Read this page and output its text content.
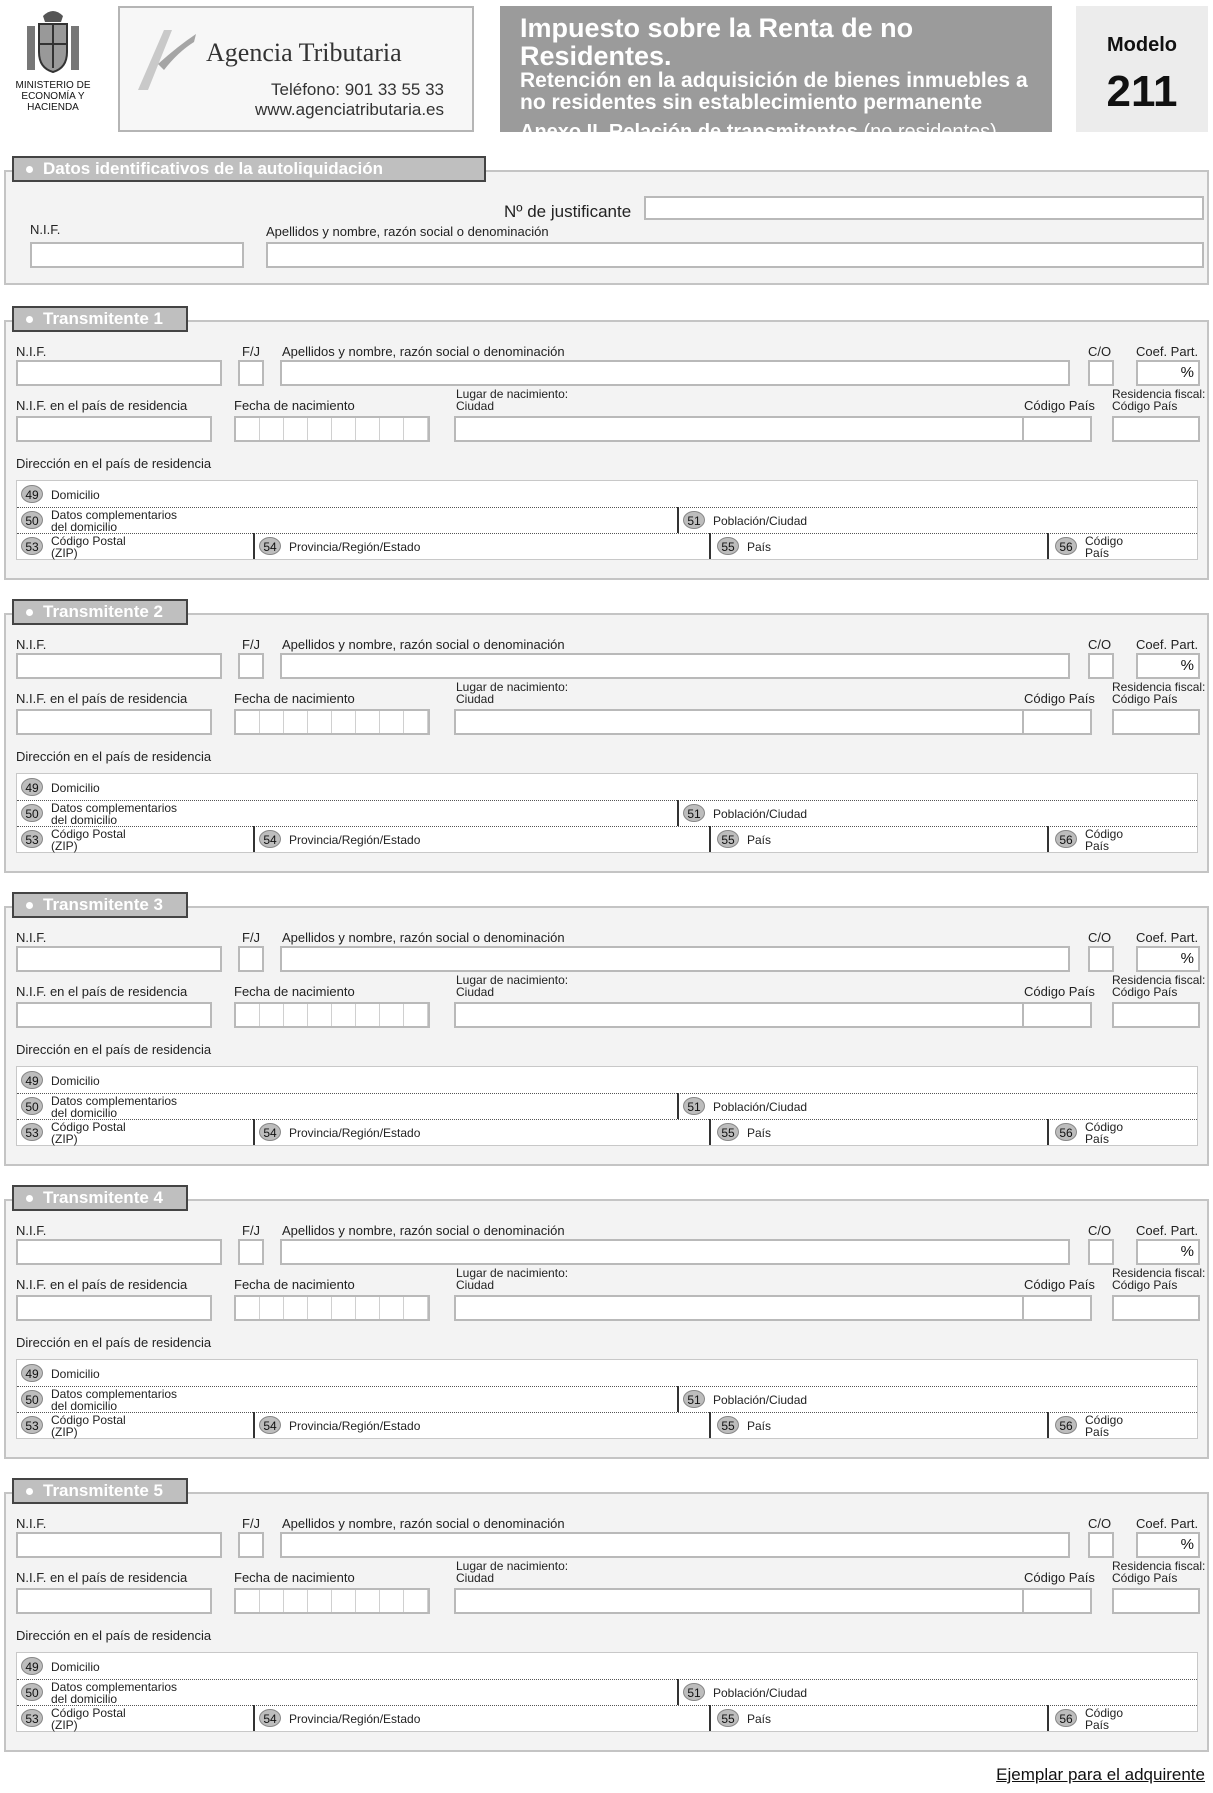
MINISTERIO DE ECONOMÍA Y HACIENDA
Agencia Tributaria
Teléfono: 901 33 55 33
www.agenciatributaria.es
Impuesto sobre la Renta de no Residentes.
Retención en la adquisición de bienes inmuebles a
no residentes sin establecimiento permanente
Anexo II. Relación de transmitentes (no residentes)
Modelo
211
Nº de justificante
N.I.F.	Apellidos y nombre, razón social o denominación
Datos identificativos de la autoliquidación
N.I.F.	F/J Apellidos y nombre, razón social o denominación	C/O Coef. Part.
%
N.I.F. en el país de residencia	Fecha de nacimiento
Lugar de nacimiento:
Ciudad	Código País
Residencia fiscal:
Código País
Dirección en el país de residencia
49	Domicilio
50	Datos complementarios
del domicilio	51	Población/Ciudad
53	Código Postal
(ZIP)	54	Provincia/Región/Estado	55	País	56	Código
País
Transmitente 1
N.I.F.	F/J Apellidos y nombre, razón social o denominación	C/O Coef. Part.
%
N.I.F. en el país de residencia	Fecha de nacimiento
Lugar de nacimiento:
Ciudad	Código País
Residencia fiscal:
Código País
Dirección en el país de residencia
49	Domicilio
50	Datos complementarios
del domicilio	51	Población/Ciudad
53	Código Postal
(ZIP)	54	Provincia/Región/Estado	55	País	56	Código
País
Transmitente 2
N.I.F.	F/J Apellidos y nombre, razón social o denominación	C/O Coef. Part.
%
N.I.F. en el país de residencia	Fecha de nacimiento
Lugar de nacimiento:
Ciudad	Código País
Residencia fiscal:
Código País
Dirección en el país de residencia
49	Domicilio
50	Datos complementarios
del domicilio	51	Población/Ciudad
53	Código Postal
(ZIP)	54	Provincia/Región/Estado	55	País	56	Código
País
Transmitente 3
N.I.F.	F/J Apellidos y nombre, razón social o denominación	C/O Coef. Part.
%
N.I.F. en el país de residencia	Fecha de nacimiento
Lugar de nacimiento:
Ciudad	Código País
Residencia fiscal:
Código País
Dirección en el país de residencia
49	Domicilio
50	Datos complementarios
del domicilio	51	Población/Ciudad
53	Código Postal
(ZIP)	54	Provincia/Región/Estado	55	País	56	Código
País
Transmitente 4
N.I.F.	F/J Apellidos y nombre, razón social o denominación	C/O Coef. Part.
%
N.I.F. en el país de residencia	Fecha de nacimiento
Lugar de nacimiento:
Ciudad	Código País
Residencia fiscal:
Código País
Dirección en el país de residencia
49	Domicilio
50	Datos complementarios
del domicilio	51	Población/Ciudad
53	Código Postal
(ZIP)	54	Provincia/Región/Estado	55	País	56	Código
País
Transmitente 5
Ejemplar para el adquirente
